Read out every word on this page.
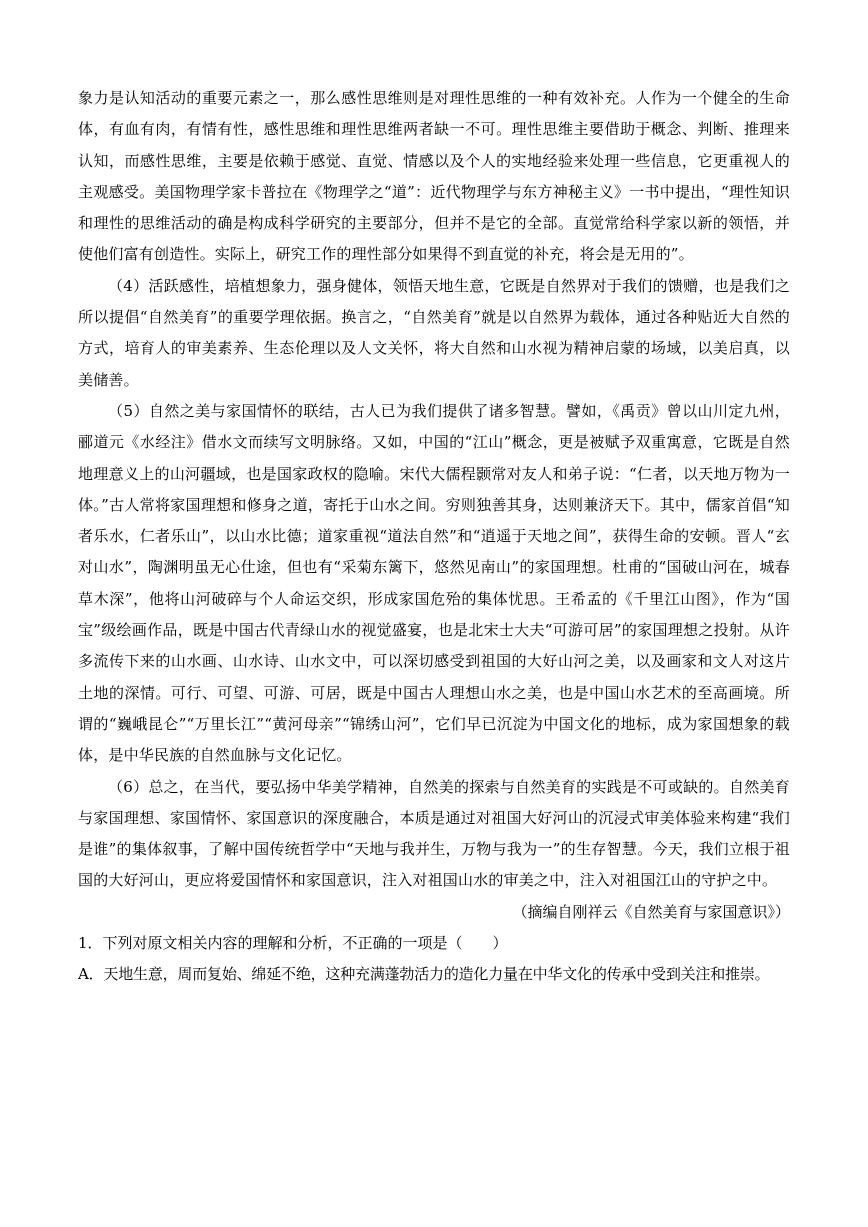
象力是认知活动的重要元素之一，那么感性思维则是对理性思维的一种有效补充。人作为一个健全的生命体，有血有肉，有情有性，感性思维和理性思维两者缺一不可。理性思维主要借助于概念、判断、推理来认知，而感性思维，主要是依赖于感觉、直觉、情感以及个人的实地经验来处理一些信息，它更重视人的主观感受。美国物理学家卡普拉在《物理学之“道”：近代物理学与东方神秘主义》一书中提出，“理性知识和理性的思维活动的确是构成科学研究的主要部分，但并不是它的全部。直觉常给科学家以新的领悟，并使他们富有创造性。实际上，研究工作的理性部分如果得不到直觉的补充，将会是无用的”。

（4）活跃感性，培植想象力，强身健体，领悟天地生意，它既是自然界对于我们的馈赠，也是我们之所以提倡“自然美育”的重要学理依据。换言之，“自然美育”就是以自然界为载体，通过各种贴近大自然的方式，培育人的审美素养、生态伦理以及人文关怀，将大自然和山水视为精神启蒙的场域，以美启真，以美储善。

（5）自然之美与家国情怀的联结，古人已为我们提供了诸多智慧。譬如，《禹贡》曾以山川定九州，郦道元《水经注》借水文而续写文明脉络。又如，中国的“江山”概念，更是被赋予双重寓意，它既是自然地理意义上的山河疆域，也是国家政权的隐喻。宋代大儒程颢常对友人和弟子说：“仁者，以天地万物为一体。”古人常将家国理想和修身之道，寄托于山水之间。穷则独善其身，达则兼济天下。其中，儒家首倡“知者乐水，仁者乐山”，以山水比德；道家重视“道法自然”和“逍遥于天地之间”，获得生命的安顿。晋人“玄对山水”，陶渊明虽无心仕途，但也有“采菊东篱下，悠然见南山”的家国理想。杜甫的“国破山河在，城春草木深”，他将山河破碎与个人命运交织，形成家国危殆的集体忧思。王希孟的《千里江山图》，作为“国宝”级绘画作品，既是中国古代青绿山水的视觉盛宴，也是北宋士大夫“可游可居”的家国理想之投射。从许多流传下来的山水画、山水诗、山水文中，可以深切感受到祖国的大好山河之美，以及画家和文人对这片土地的深情。可行、可望、可游、可居，既是中国古人理想山水之美，也是中国山水艺术的至高画境。所谓的“巍峨昆仑”“万里长江”“黄河母亲”“锦绣山河”，它们早已沉淀为中国文化的地标，成为家国想象的载体，是中华民族的自然血脉与文化记忆。

（6）总之，在当代，要弘扬中华美学精神，自然美的探索与自然美育的实践是不可或缺的。自然美育与家国理想、家国情怀、家国意识的深度融合，本质是通过对祖国大好河山的沉浸式审美体验来构建“我们是谁”的集体叙事，了解中国传统哲学中“天地与我并生，万物与我为一”的生存智慧。今天，我们立根于祖国的大好河山，更应将爱国情怀和家国意识，注入对祖国山水的审美之中，注入对祖国江山的守护之中。

（摘编自刚祥云《自然美育与家国意识》）

1．下列对原文相关内容的理解和分析，不正确的一项是（　　）

A．天地生意，周而复始、绵延不绝，这种充满蓬勃活力的造化力量在中华文化的传承中受到关注和推崇。
